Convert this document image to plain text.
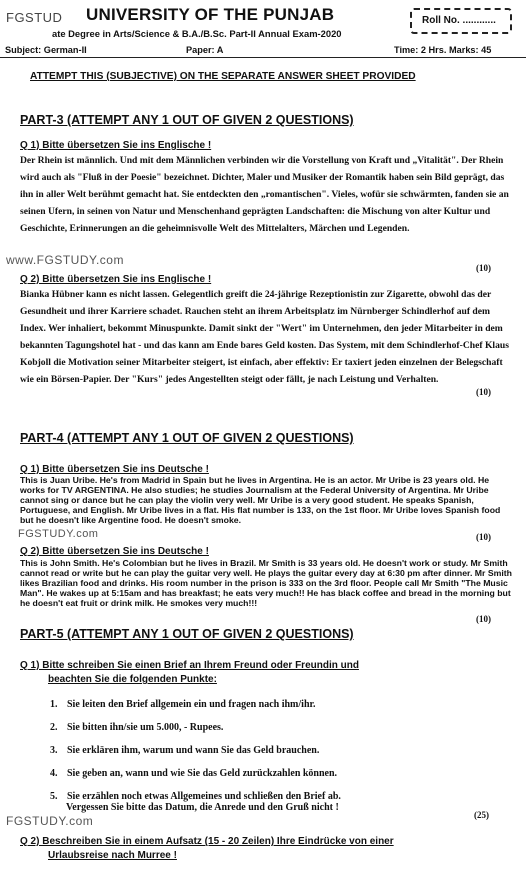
FGSTUD UNIVERSITY OF THE PUNJAB	Roll No. ............
ate Degree in Arts/Science & B.A./B.Sc. Part-II Annual Exam-2020
Subject: German-II	Paper: A	Time: 2 Hrs. Marks: 45
ATTEMPT THIS (SUBJECTIVE) ON THE SEPARATE ANSWER SHEET PROVIDED
PART-3 (ATTEMPT ANY 1 OUT OF GIVEN 2 QUESTIONS)
Q 1) Bitte übersetzen Sie ins Englische !
Der Rhein ist männlich. Und mit dem Männlichen verbinden wir die Vorstellung von Kraft und „Vitalität". Der Rhein wird auch als "Fluß in der Poesie" bezeichnet. Dichter, Maler und Musiker der Romantik haben sein Bild geprägt, das ihn in aller Welt berühmt gemacht hat. Sie entdeckten den „romantischen". Vieles, wofür sie schwärmten, fanden sie an seinen Ufern, in seinen von Natur und Menschenhand geprägten Landschaften: die Mischung von alter Kultur und Geschichte, Erinnerungen an die geheimnisvolle Welt des Mittelalters, Märchen und Legenden.
www.FGSTUDY.com
(10)
Q 2) Bitte übersetzen Sie ins Englische !
Bianka Hübner kann es nicht lassen. Gelegentlich greift die 24-jährige Rezeptionistin zur Zigarette, obwohl das der Gesundheit und ihrer Karriere schadet. Rauchen steht an ihrem Arbeitsplatz im Nürnberger Schindlerhof auf dem Index. Wer inhaliert, bekommt Minuspunkte. Damit sinkt der "Wert" im Unternehmen, den jeder Mitarbeiter in dem bekannten Tagungshotel hat - und das kann am Ende bares Geld kosten. Das System, mit dem Schindlerhof-Chef Klaus Kobjoll die Motivation seiner Mitarbeiter steigert, ist einfach, aber effektiv: Er taxiert jeden einzelnen der Belegschaft wie ein Börsen-Papier. Der "Kurs" jedes Angestellten steigt oder fällt, je nach Leistung und Verhalten.
(10)
PART-4 (ATTEMPT ANY 1 OUT OF GIVEN 2 QUESTIONS)
Q 1) Bitte übersetzen Sie ins Deutsche !
This is Juan Uribe. He's from Madrid in Spain but he lives in Argentina. He is an actor. Mr Uribe is 23 years old. He works for TV ARGENTINA. He also studies; he studies Journalism at the Federal University of Argentina. Mr Uribe cannot sing or dance but he can play the violin very well. Mr Uribe is a very good student. He speaks Spanish, Portuguese, and English. Mr Uribe lives in a flat. His flat number is 133, on the 1st floor. Mr Uribe loves Spanish food but he doesn't like Argentine food. He doesn't smoke.
FGSTUDY.com	(10)
Q 2) Bitte übersetzen Sie ins Deutsche !
This is John Smith. He's Colombian but he lives in Brazil. Mr Smith is 33 years old. He doesn't work or study. Mr Smith cannot read or write but he can play the guitar very well. He plays the guitar every day at 6:30 pm after dinner. Mr Smith likes Brazilian food and drinks. His room number in the prison is 333 on the 3rd floor. People call Mr Smith "The Music Man". He wakes up at 5:15am and has breakfast; he eats very much!! He has black coffee and bread in the morning but he doesn't eat fruit or drink milk. He smokes very much!!!
(10)
PART-5 (ATTEMPT ANY 1 OUT OF GIVEN 2 QUESTIONS)
Q 1) Bitte schreiben Sie einen Brief an Ihrem Freund oder Freundin und
beachten Sie die folgenden Punkte:
1. Sie leiten den Brief allgemein ein und fragen nach ihm/ihr.
2. Sie bitten ihn/sie um 5.000, - Rupees.
3. Sie erklären ihm, warum und wann Sie das Geld brauchen.
4. Sie geben an, wann und wie Sie das Geld zurückzahlen können.
5. Sie erzählen noch etwas Allgemeines und schließen den Brief ab.
Vergessen Sie bitte das Datum, die Anrede und den Gruß nicht !
FGSTUDY.com	(25)
Q 2) Beschreiben Sie in einem Aufsatz (15 - 20 Zeilen) Ihre Eindrücke von einer
Urlaubsreise nach Murree !
